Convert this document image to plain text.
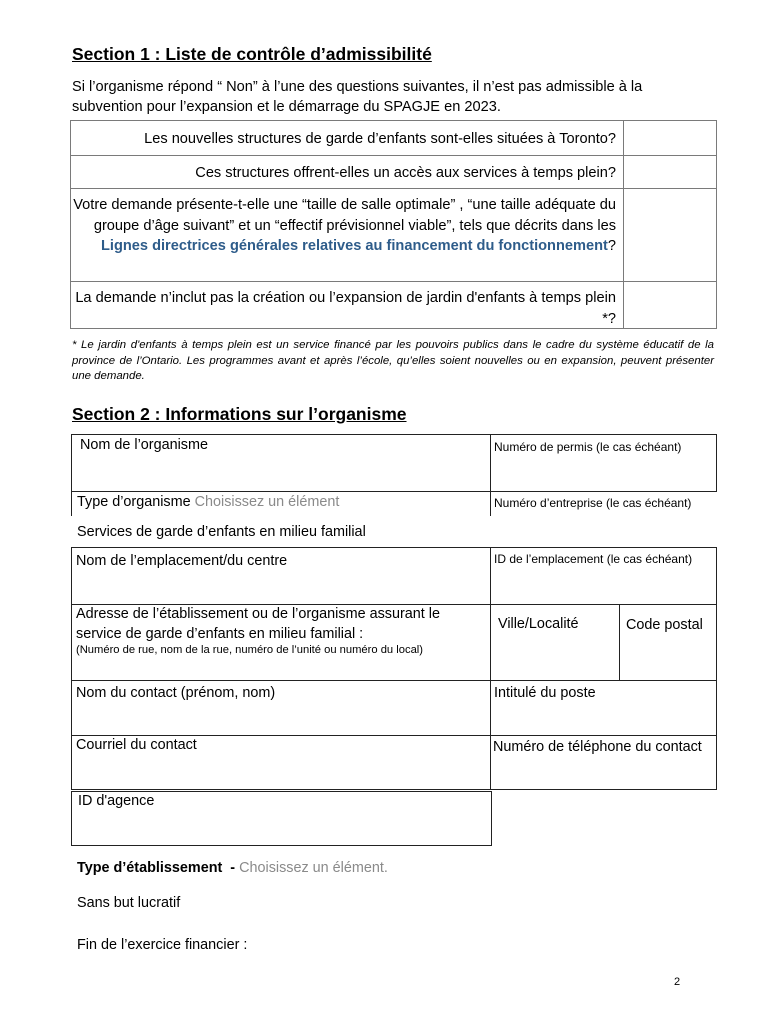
Section 1 : Liste de contrôle d’admissibilité
Si l’organisme répond “ Non” à l’une des questions suivantes, il n’est pas admissible à la subvention pour l’expansion et le démarrage du SPAGJE en 2023.
Les nouvelles structures de garde d’enfants sont-elles situées à Toronto?
Ces structures offrent-elles un accès aux services à temps plein?
Votre demande présente-t-elle une “taille de salle optimale” , “une taille adéquate du groupe d’âge suivant” et un “effectif prévisionnel viable”, tels que décrits dans les Lignes directrices générales relatives au financement du fonctionnement?
La demande n’inclut pas la création ou l’expansion de jardin d'enfants à temps plein *?
* Le jardin d'enfants à temps plein est un service financé par les pouvoirs publics dans le cadre du système éducatif de la province de l’Ontario. Les programmes avant et après l’école, qu’elles soient nouvelles ou en expansion, peuvent présenter une demande.
Section 2 : Informations sur l’organisme
Nom de l’organisme	Numéro de permis (le cas échéant)
Type d’organisme Choisissez un élément	Numéro d’entreprise (le cas échéant)
Services de garde d’enfants en milieu familial
Nom de l’emplacement/du centre	ID de l’emplacement (le cas échéant)
Adresse de l’établissement ou de l’organisme assurant le service de garde d’enfants en milieu familial :
(Numéro de rue, nom de la rue, numéro de l’unité ou numéro du local)
Ville/Localité	Code postal
Nom du contact (prénom, nom)	Intitulé du poste
Courriel du contact	Numéro de téléphone du contact
ID d'agence
Type d’établissement - Choisissez un élément.
Sans but lucratif
Fin de l’exercice financier :
2
